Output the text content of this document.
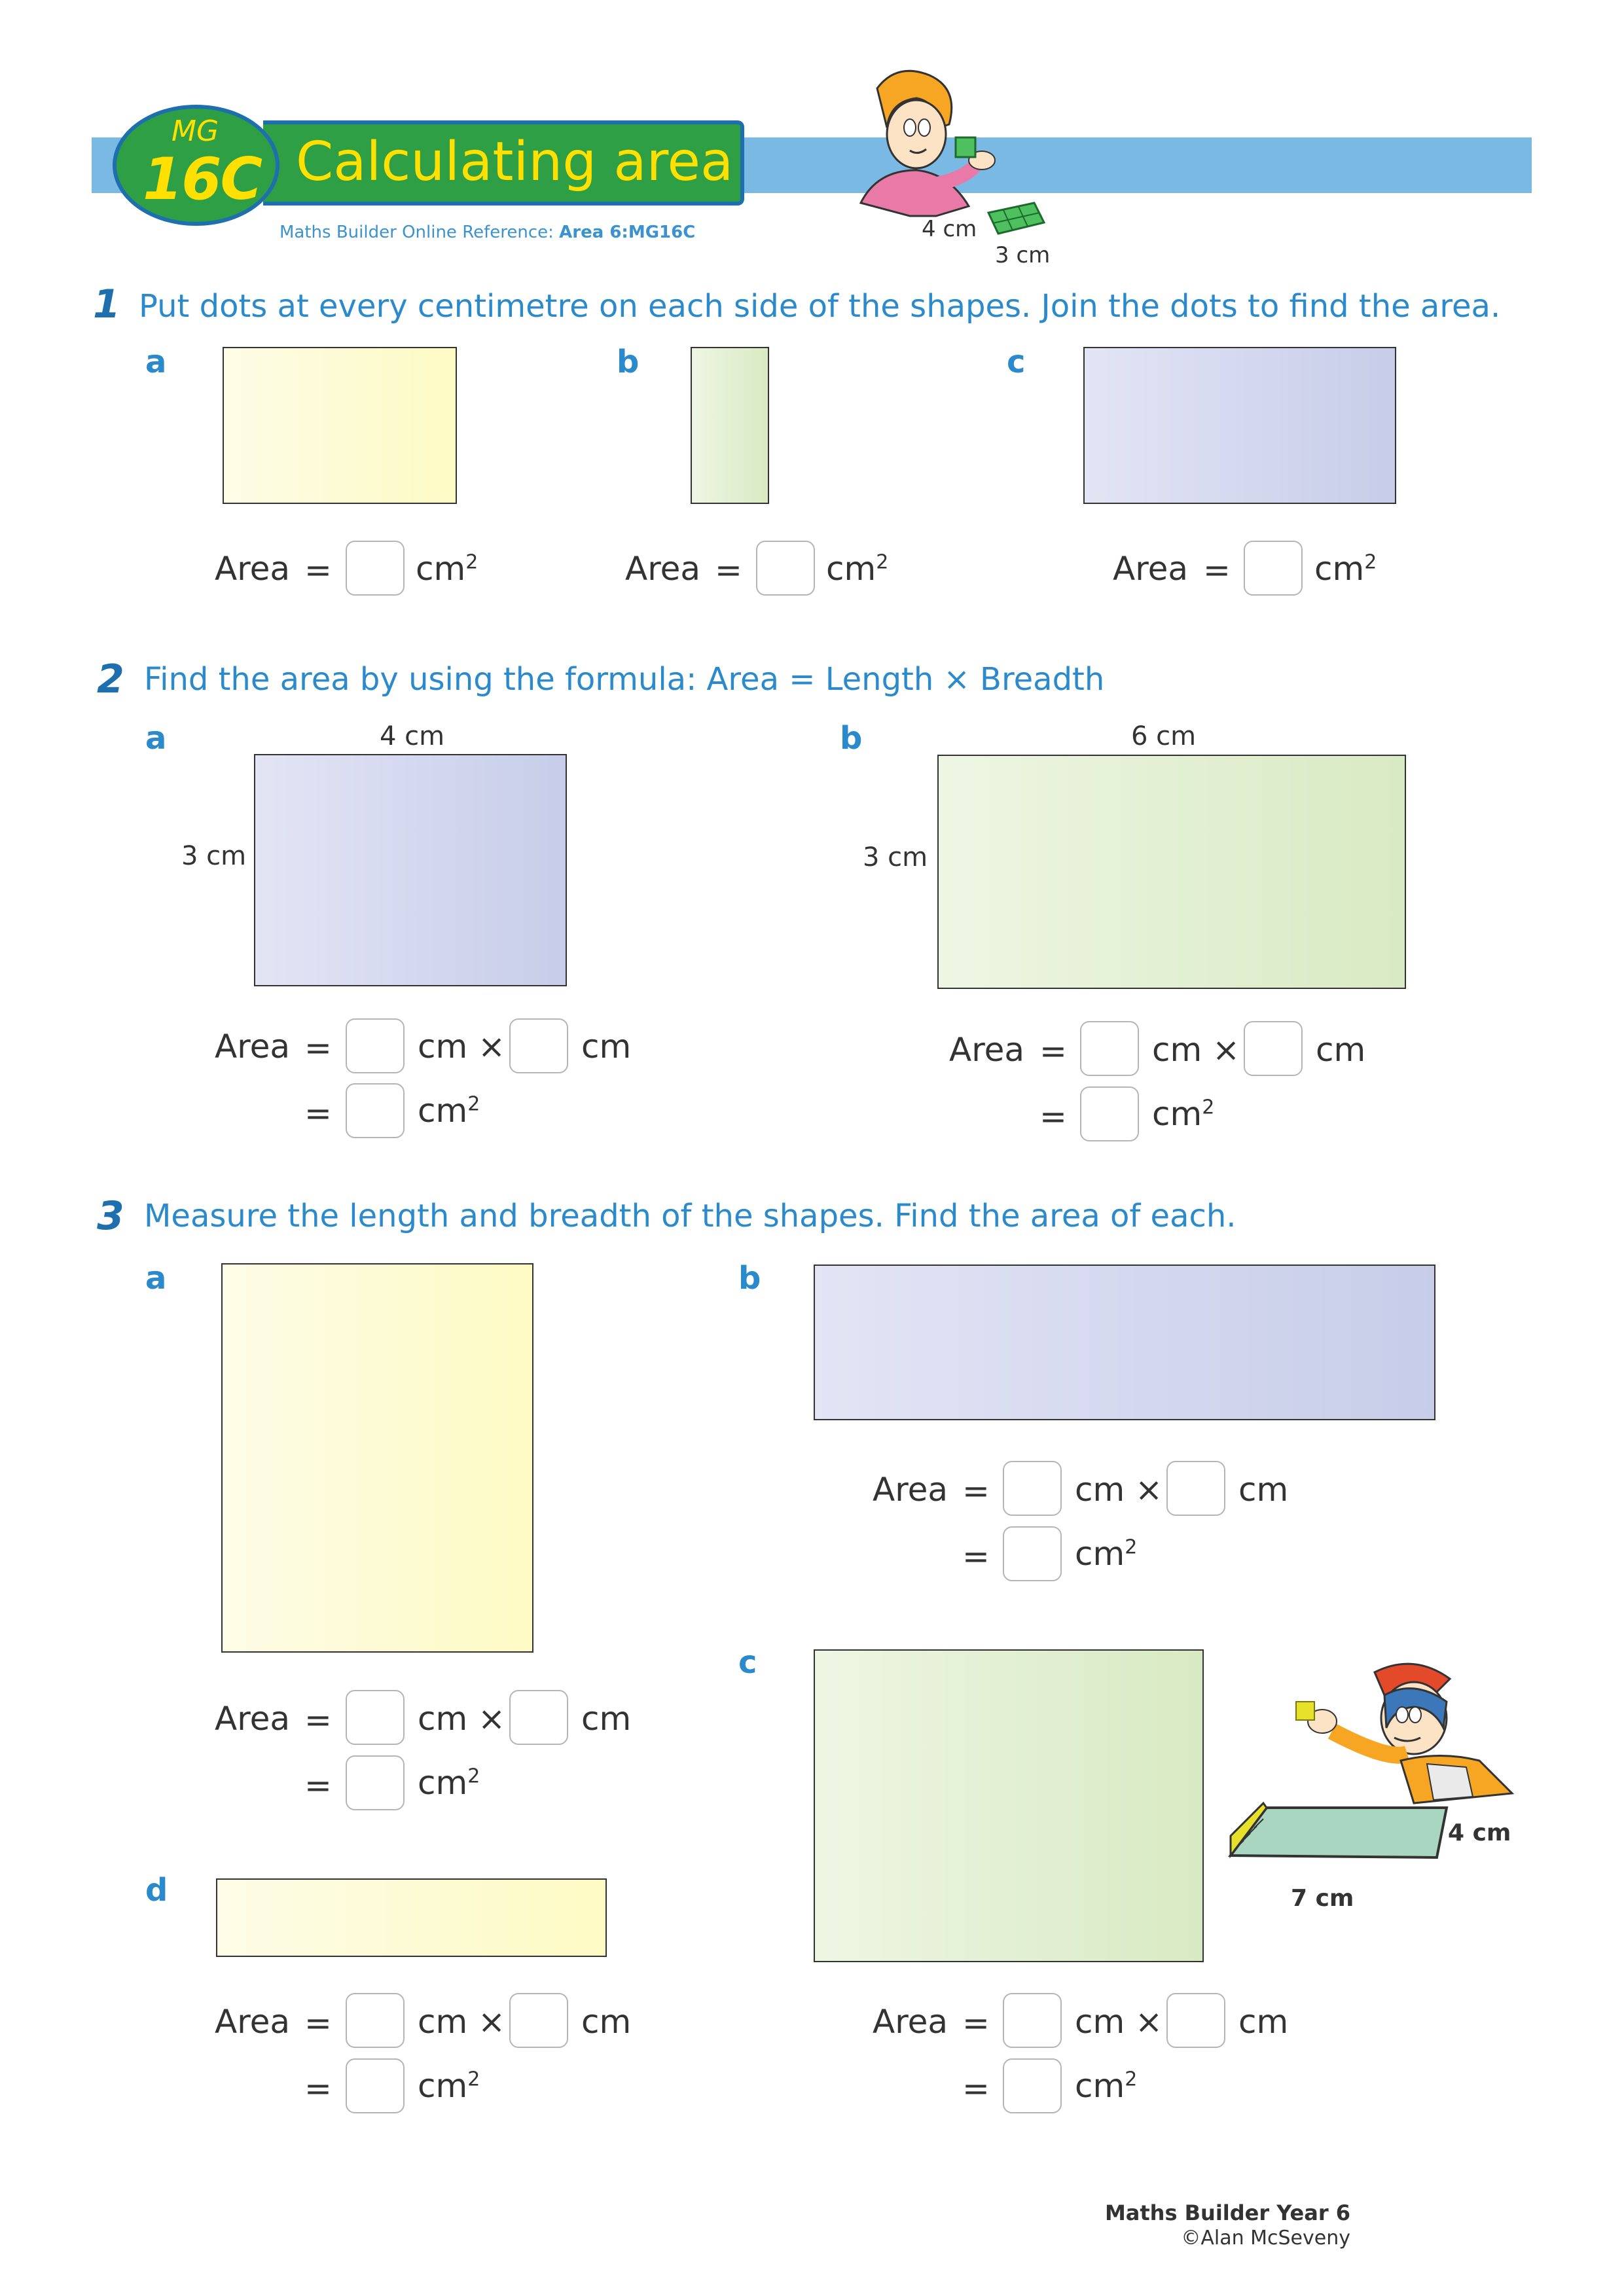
MG
16C Calculating area
Maths Builder Online Reference: Area 6:MG16C	4 cm
3 cm
1 Put dots at every centimetre on each side of the shapes. Join the dots to find the area.
a	b	c
Area =	$cm^2$	Area =	$cm^2$	Area =	$cm^2$
2 Find the area by using the formula: Area = Length × Breadth
a	4 cm
3 cm
b	6 cm
3 cm
Area =	cm × cm
=	$cm^2$
Area =	cm × cm
=	$cm^2$
3 Measure the length and breadth of the shapes. Find the area of each.
a	b
Area =	cm × cm
=	$cm^2$
Area =	cm × cm
=	$cm^2$
c
4 cm
7 cm
d
Area =	cm × cm
=	$cm^2$
Area =	cm × cm
=	$cm^2$
Maths Builder Year 6
©Alan McSeveny
